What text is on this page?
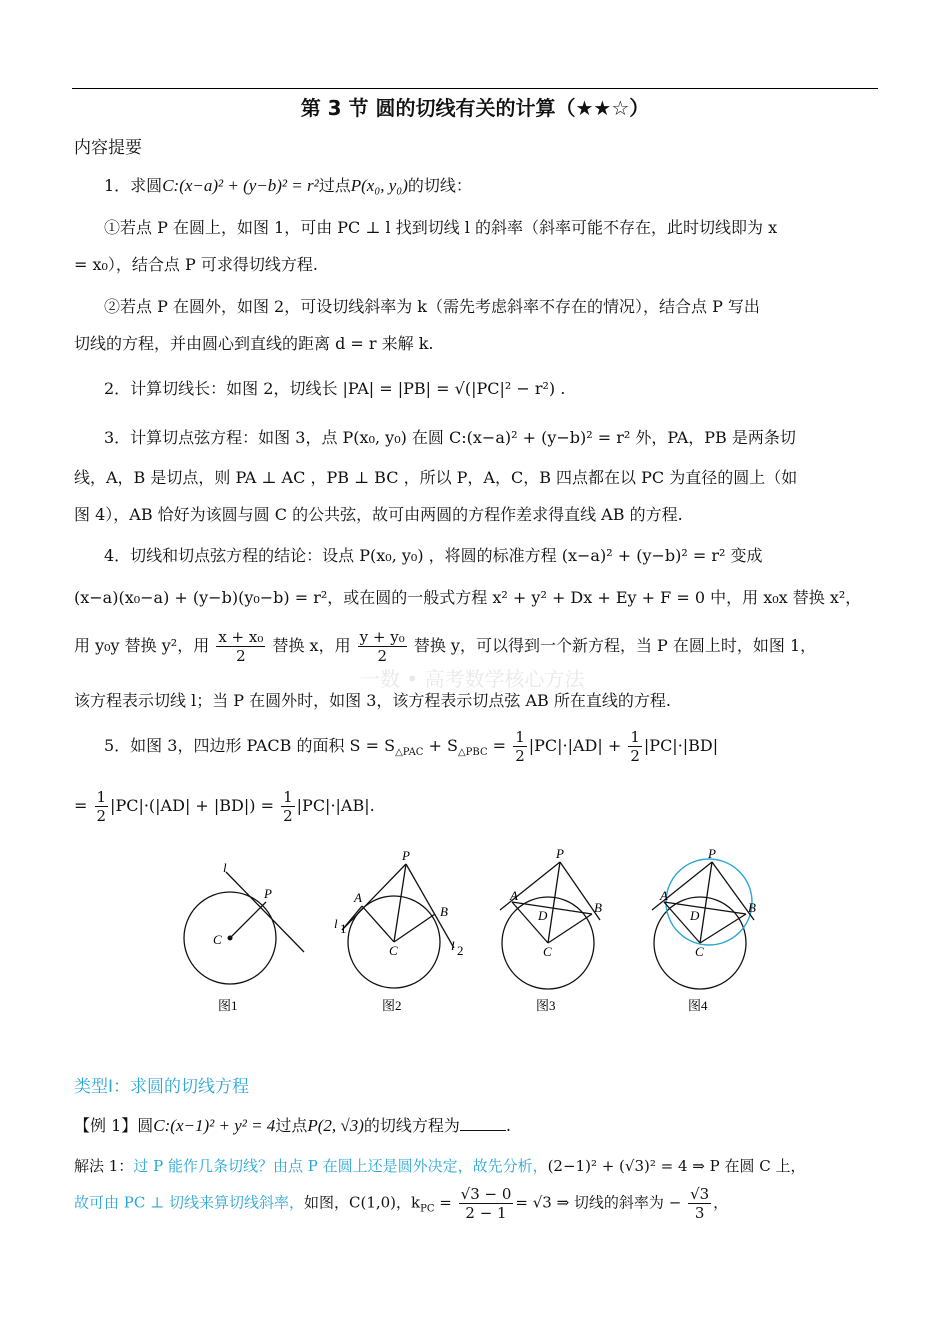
第 3 节 圆的切线有关的计算（★★☆）
内容提要
1．求圆C:(x−a)² + (y−b)² = r²过点P(x₀, y₀)的切线：
①若点 P 在圆上，如图 1，可由 PC ⊥ l 找到切线 l 的斜率（斜率可能不存在，此时切线即为 x
= x₀），结合点 P 可求得切线方程.
②若点 P 在圆外，如图 2，可设切线斜率为 k（需先考虑斜率不存在的情况），结合点 P 写出
切线的方程，并由圆心到直线的距离 d = r 来解 k.
2．计算切线长：如图 2，切线长 |PA| = |PB| = √(|PC|² − r²) .
3．计算切点弦方程：如图 3，点 P(x₀, y₀) 在圆 C:(x−a)² + (y−b)² = r² 外，PA，PB 是两条切
线，A，B 是切点，则 PA ⊥ AC ，PB ⊥ BC ，所以 P，A，C，B 四点都在以 PC 为直径的圆上（如
图 4），AB 恰好为该圆与圆 C 的公共弦，故可由两圆的方程作差求得直线 AB 的方程.
4．切线和切点弦方程的结论：设点 P(x₀, y₀) ，将圆的标准方程 (x−a)² + (y−b)² = r² 变成
(x−a)(x₀−a) + (y−b)(y₀−b) = r²，或在圆的一般式方程 x² + y² + Dx + Ey + F = 0 中，用 x₀x 替换 x²，
用 y₀y 替换 y²，用 $\frac{\text{x + x₀}}{2}$ 替换 x，用 $\frac{\text{y + y₀}}{2}$ 替换 y，可以得到一个新方程，当 P 在圆上时，如图 1，
该方程表示切线 l；当 P 在圆外时，如图 3，该方程表示切点弦 AB 所在直线的方程.
一数 • 高考数学核心方法
5．如图 3，四边形 PACB 的面积 $S = S_{\triangle PAC} + S_{\triangle PBC} = \frac{1}{2} |PC|\cdot|AD| + \frac{1}{2} |PC|\cdot|BD|$
= $\frac{1}{2} |PC|\cdot(|AD| + |BD|) = \frac{1}{2} |PC|\cdot|AB|$.
l
P
C
图1
P
A
B
C
l 1
l 2
图2
P
A
B
D
C
图3
P
A
B
D
C
图4
类型Ⅰ：求圆的切线方程
【例 1】圆C:(x−1)² + y² = 4过点P(2, √3)的切线方程为	.
解法 1：过 P 能作几条切线？由点 P 在圆上还是圆外决定，故先分析，(2−1)² + (√3)² = 4 ⇒ P 在圆 C 上，
故可由 PC ⊥ 切线来算切线斜率，如图，C(1,0)，$k_{PC} = \frac{√3 - 0}{2 - 1} = √3$ ⇒ 切线的斜率为 − $\frac{√3}{3}$ ，
